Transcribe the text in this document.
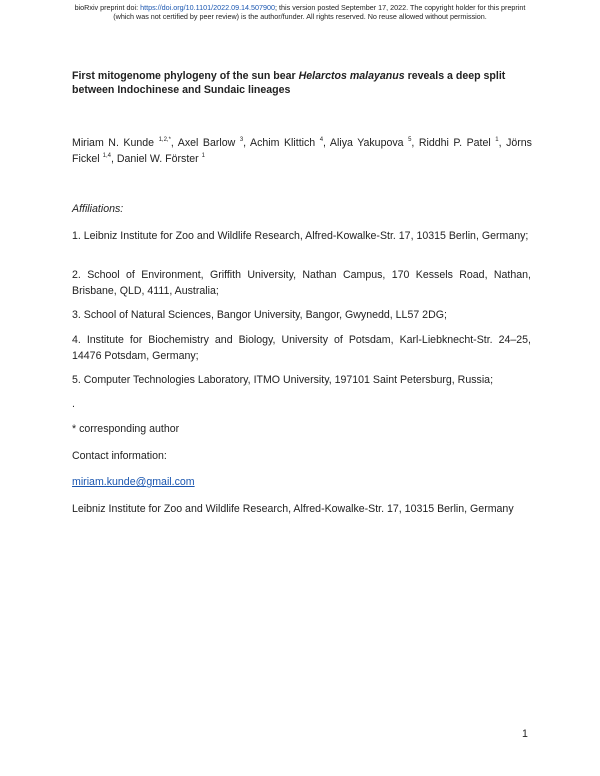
bioRxiv preprint doi: https://doi.org/10.1101/2022.09.14.507900; this version posted September 17, 2022. The copyright holder for this preprint
(which was not certified by peer review) is the author/funder. All rights reserved. No reuse allowed without permission.
First mitogenome phylogeny of the sun bear Helarctos malayanus reveals a deep split between Indochinese and Sundaic lineages
Miriam N. Kunde $^{1,2,*}$, Axel Barlow $^3$, Achim Klittich $^4$, Aliya Yakupova $^5$, Riddhi P. Patel $^1$, Jörns Fickel $^{1,4}$, Daniel W. Förster $^1$
Affiliations:
1. Leibniz Institute for Zoo and Wildlife Research, Alfred-Kowalke-Str. 17, 10315 Berlin, Germany;
2. School of Environment, Griffith University, Nathan Campus, 170 Kessels Road, Nathan, Brisbane, QLD, 4111, Australia;
3. School of Natural Sciences, Bangor University, Bangor, Gwynedd, LL57 2DG;
4. Institute for Biochemistry and Biology, University of Potsdam, Karl-Liebknecht-Str. 24–25, 14476 Potsdam, Germany;
5. Computer Technologies Laboratory, ITMO University, 197101 Saint Petersburg, Russia;
.
* corresponding author
Contact information:
miriam.kunde@gmail.com
Leibniz Institute for Zoo and Wildlife Research, Alfred-Kowalke-Str. 17, 10315 Berlin, Germany
1
